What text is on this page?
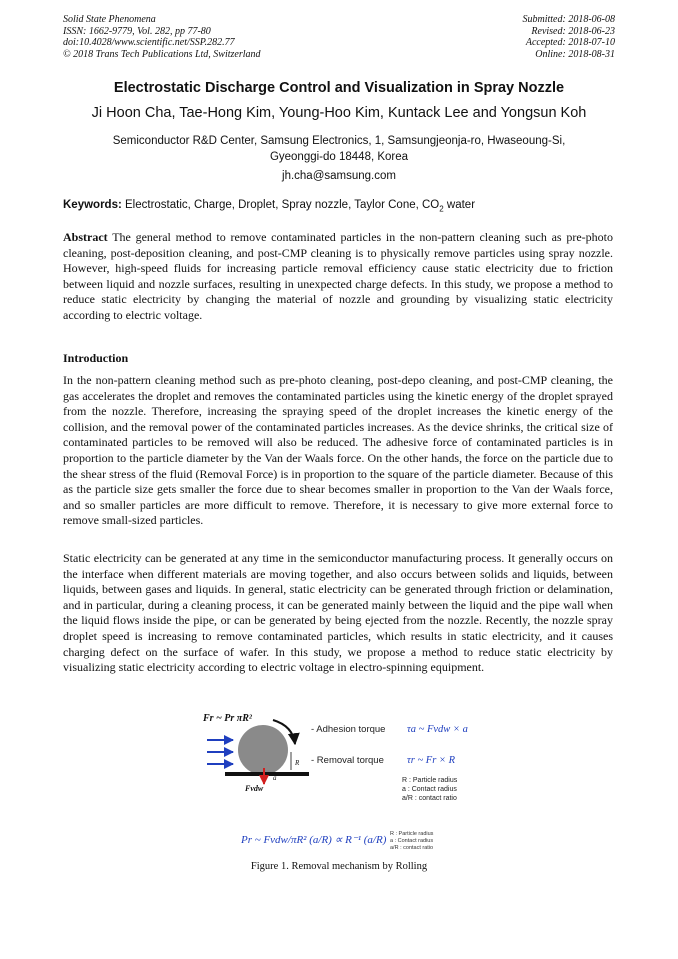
Solid State Phenomena
ISSN: 1662-9779, Vol. 282, pp 77-80
doi:10.4028/www.scientific.net/SSP.282.77
© 2018 Trans Tech Publications Ltd, Switzerland
Submitted: 2018-06-08
Revised: 2018-06-23
Accepted: 2018-07-10
Online: 2018-08-31
Electrostatic Discharge Control and Visualization in Spray Nozzle
Ji Hoon Cha, Tae-Hong Kim, Young-Hoo Kim, Kuntack Lee and Yongsun Koh
Semiconductor R&D Center, Samsung Electronics, 1, Samsungjeonja-ro, Hwaseoung-Si,
Gyeonggi-do 18448, Korea
jh.cha@samsung.com
Keywords: Electrostatic, Charge, Droplet, Spray nozzle, Taylor Cone, $CO_2$ water
Abstract The general method to remove contaminated particles in the non-pattern cleaning such as pre-photo cleaning, post-deposition cleaning, and post-CMP cleaning is to physically remove particles using spray nozzle. However, high-speed fluids for increasing particle removal efficiency cause static electricity due to friction between liquid and nozzle surfaces, resulting in unexpected charge defects. In this study, we propose a method to reduce static electricity by changing the material of nozzle and grounding by visualizing static electricity according to electric voltage.
Introduction
In the non-pattern cleaning method such as pre-photo cleaning, post-depo cleaning, and post-CMP cleaning, the gas accelerates the droplet and removes the contaminated particles using the kinetic energy of the droplet sprayed from the nozzle. Therefore, increasing the spraying speed of the droplet increases the kinetic energy of the collision, and the removal power of the contaminated particles increases. As the device shrinks, the critical size of contaminated particles to be removed will also be reduced. The adhesive force of contaminated particles is in proportion to the particle diameter by the Van der Waals force. On the other hands, the force on the particle due to the shear stress of the fluid (Removal Force) is in proportion to the square of the particle diameter. Because of this as the particle size gets smaller the force due to shear becomes smaller in proportion to the Van der Waals force, and so smaller particles are more difficult to remove. Therefore, it is necessary to give more external force to remove small-sized particles.
Static electricity can be generated at any time in the semiconductor manufacturing process. It generally occurs on the interface when different materials are moving together, and also occurs between solids and liquids, between liquids, between gases and liquids. In general, static electricity can be generated through friction or delamination, and in particular, during a cleaning process, it can be generated mainly between the liquid and the pipe wall when the liquid flows inside the pipe, or can be generated by being ejected from the nozzle. Recently, the nozzle spray droplet speed is increasing to remove contaminated particles, which results in static electricity, and it causes charging defect on the surface of wafer. In this study, we propose a method to reduce static electricity by visualizing static electricity according to electric voltage in electro-spinning equipment.
Fr ~ Pr πR²
R
a
Fvdw
- Adhesion torque τa ~ Fvdw × a
- Removal torque τr ~ Fr × R
R : Particle radius
a : Contact radius
a/R : contact ratio
Pr ~ Fvdw/πR² (a/R) ∝ R⁻¹ (a/R) R : Particle radius
a : Contact radius
a/R : contact ratio
Figure 1. Removal mechanism by Rolling
